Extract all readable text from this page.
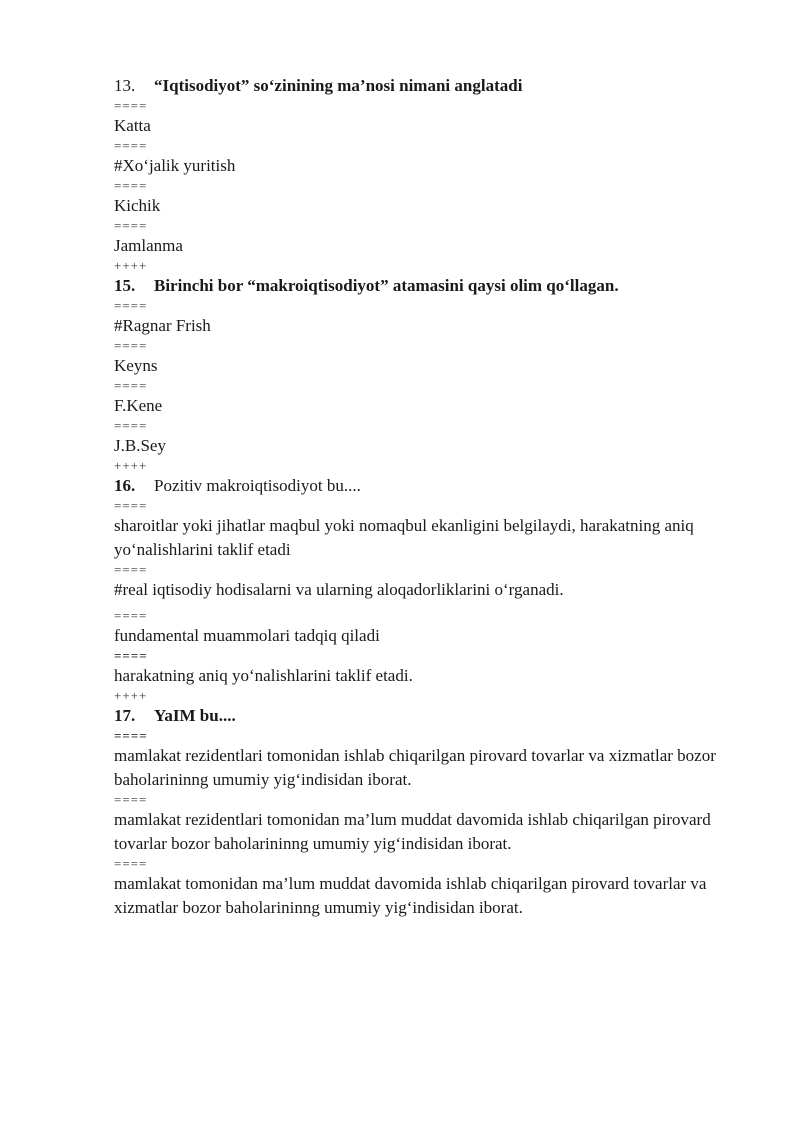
13. “Iqtisodiyot” so‘zinining ma’nosi nimani anglatadi

====

Katta

====

#Xo‘jalik yuritish

====

Kichik

====

Jamlanma

++++

15. Birinchi bor “makroiqtisodiyot” atamasini qaysi olim qo‘llagan.

====

#Ragnar Frish

====

Keyns

====

F.Kene

====

J.B.Sey

++++

16. Pozitiv makroiqtisodiyot bu....

====

sharoitlar yoki jihatlar maqbul yoki nomaqbul ekanligini belgilaydi, harakatning aniq yo‘nalishlarini taklif etadi

====

#real iqtisodiy hodisalarni va ularning aloqadorliklarini o‘rganadi.

====

fundamental muammolari tadqiq qiladi

====

harakatning aniq yo‘nalishlarini taklif etadi.

++++

17. YaIM bu....

====

mamlakat rezidentlari tomonidan ishlab chiqarilgan pirovard tovarlar va xizmatlar bozor baholarininng umumiy yig‘indisidan iborat.

====

mamlakat rezidentlari tomonidan ma’lum muddat davomida ishlab chiqarilgan pirovard tovarlar bozor baholarininng umumiy yig‘indisidan iborat.

====

mamlakat tomonidan ma’lum muddat davomida ishlab chiqarilgan pirovard tovarlar va xizmatlar bozor baholarininng umumiy yig‘indisidan iborat.
